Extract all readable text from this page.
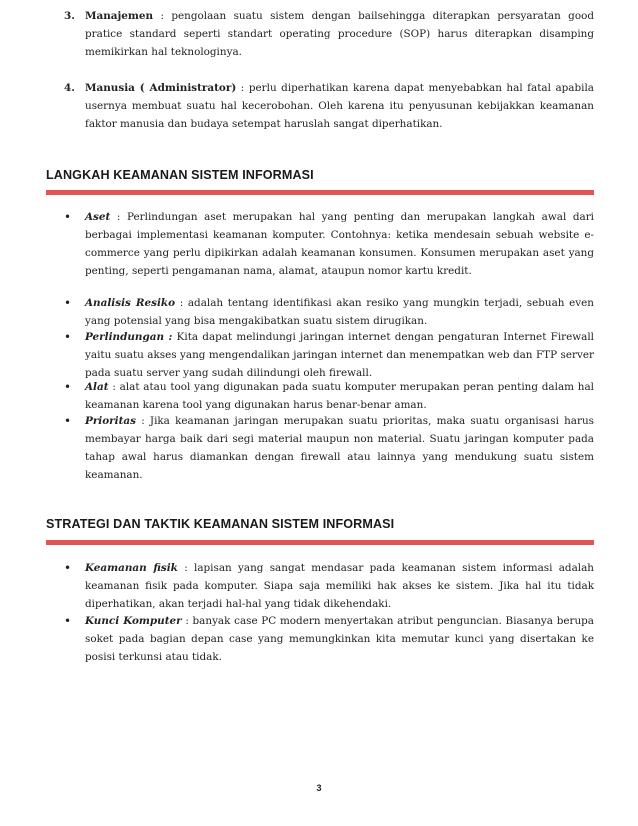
3. Manajemen : pengolaan suatu sistem dengan bailsehingga diterapkan persyaratan good pratice standard seperti standart operating procedure (SOP) harus diterapkan disamping memikirkan hal teknologinya.
4. Manusia ( Administrator) : perlu diperhatikan karena dapat menyebabkan hal fatal apabila usernya membuat suatu hal kecerobohan. Oleh karena itu penyusunan kebijakkan keamanan faktor manusia dan budaya setempat haruslah sangat diperhatikan.
LANGKAH KEAMANAN SISTEM INFORMASI
• Aset : Perlindungan aset merupakan hal yang penting dan merupakan langkah awal dari berbagai implementasi keamanan komputer. Contohnya: ketika mendesain sebuah website e-commerce yang perlu dipikirkan adalah keamanan konsumen. Konsumen merupakan aset yang penting, seperti pengamanan nama, alamat, ataupun nomor kartu kredit.
• Analisis Resiko : adalah tentang identifikasi akan resiko yang mungkin terjadi, sebuah even yang potensial yang bisa mengakibatkan suatu sistem dirugikan.
• Perlindungan : Kita dapat melindungi jaringan internet dengan pengaturan Internet Firewall yaitu suatu akses yang mengendalikan jaringan internet dan menempatkan web dan FTP server pada suatu server yang sudah dilindungi oleh firewall.
• Alat : alat atau tool yang digunakan pada suatu komputer merupakan peran penting dalam hal keamanan karena tool yang digunakan harus benar-benar aman.
• Prioritas : Jika keamanan jaringan merupakan suatu prioritas, maka suatu organisasi harus membayar harga baik dari segi material maupun non material. Suatu jaringan komputer pada tahap awal harus diamankan dengan firewall atau lainnya yang mendukung suatu sistem keamanan.
STRATEGI DAN TAKTIK KEAMANAN SISTEM INFORMASI
• Keamanan fisik : lapisan yang sangat mendasar pada keamanan sistem informasi adalah keamanan fisik pada komputer. Siapa saja memiliki hak akses ke sistem. Jika hal itu tidak diperhatikan, akan terjadi hal-hal yang tidak dikehendaki.
• Kunci Komputer : banyak case PC modern menyertakan atribut penguncian. Biasanya berupa soket pada bagian depan case yang memungkinkan kita memutar kunci yang disertakan ke posisi terkunsi atau tidak.
3
